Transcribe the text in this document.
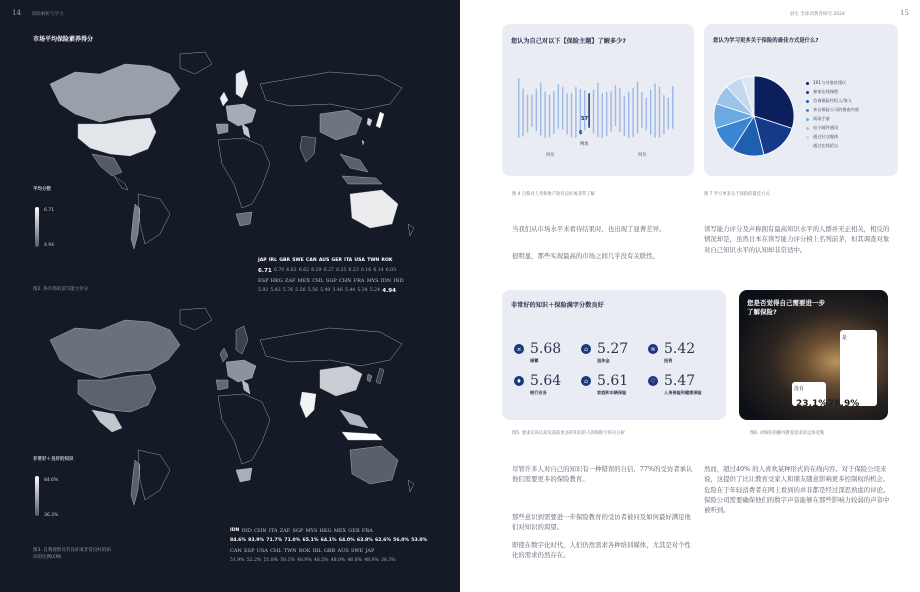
14 保险解析与学习
市场平均保险素养得分
平均分数
6.71
4.94
图2. 各市场的读写能力评分
JAP IRL GBR SWE CAN AUS GER ITA USA TWN ROK
6.71 6.70 6.62 6.62 6.29 6.27 6.25 6.23 6.16 6.14 6.03
ESP HKG ZAF MEX CHL SGP CHN FRA MYS IDN IND
5.92 5.83 5.76 5.56 5.56 5.49 5.46 5.44 5.34 5.24 4.94
非常好＋良好的知识
84.6%
36.3%
图3. 自我观察具有良好或非常良好的知识的比例(CM)
IDN IND CHN ITA ZAF SGP MYS HKG MEX GER FRA
84.6% 83.9% 71.7% 71.0% 65.1% 64.1% 64.0% 63.8% 62.6% 56.0% 53.0%
CAN ESP USA CHL TWN ROK IRL GBR AUS SWE JAP
51.9% 52.2% 51.8% 50.3% 48.9% 48.5% 48.0% 46.8% 48.9% 36.3%
晨生 全球消费者研究 2024	15
您认为自己对以下【保险主题】了解多少?
57
网址	网址
6
网址
图 4 自称对人寿和财产险有良好或非常了解
您认为学习更多关于保险的最佳方式是什么?
101与书推荐建议
参加在线课程
咨询保险经纪人/家人
来自保险公司的指南内容
阅读手册
电子邮件通讯
通过社交媒体
通过在线论坛
图 7 学习更多关于保险的最佳方式
当我们从市场水平来看待结果时，也出现了显著差异。
很明显，那些实现最高的市场之间几乎没有关联性。
读写能力评分及声称拥有最高知识水平的人群并无正相关，相反的情况却是，虽然日本在读写能力评分榜上名列前茅，但其调查对象对自己知识水平的认知却非常适中。
非常好的知识＋保险满字分数良好
¤ 5.68
储蓄
⌂ 5.27
退休金
≋ 5.42
投资
♦ 5.64
银行业务
⌂ 5.61
家庭和车辆保险
♡ 5.47
人身保险和健康保险
图5. 要求在该认知及获取更多的知识的人的保险字得分分析
您是否觉得自己需要进一步了解保险?
是
没有
23.1% 76.9%
图6. 对保险的额外教育需求的总体宽勒
尽管许多人对自己的知识有一种错误的自信，77%的受访者承认他们需要更多的保险教育。
那些意识到需要进一步保险教育的受访者被问及如何最好满足他们对知识的渴望。
即使在数字化时代，人们仍然需求各种培训媒体，尤其是对个性化的需求仍然存在。
然而，超过40% 的人喜欢某种形式的在线内容。对于保险公司来说，这提供了比让教育受家人和朋友随意影响更多控制权的机会。危险在于年轻消费者在网上看到的并非都是经过深思熟虑的评论。保险公司需要确保他们的数字声音能够在那些影响力较弱的声音中被听到。
